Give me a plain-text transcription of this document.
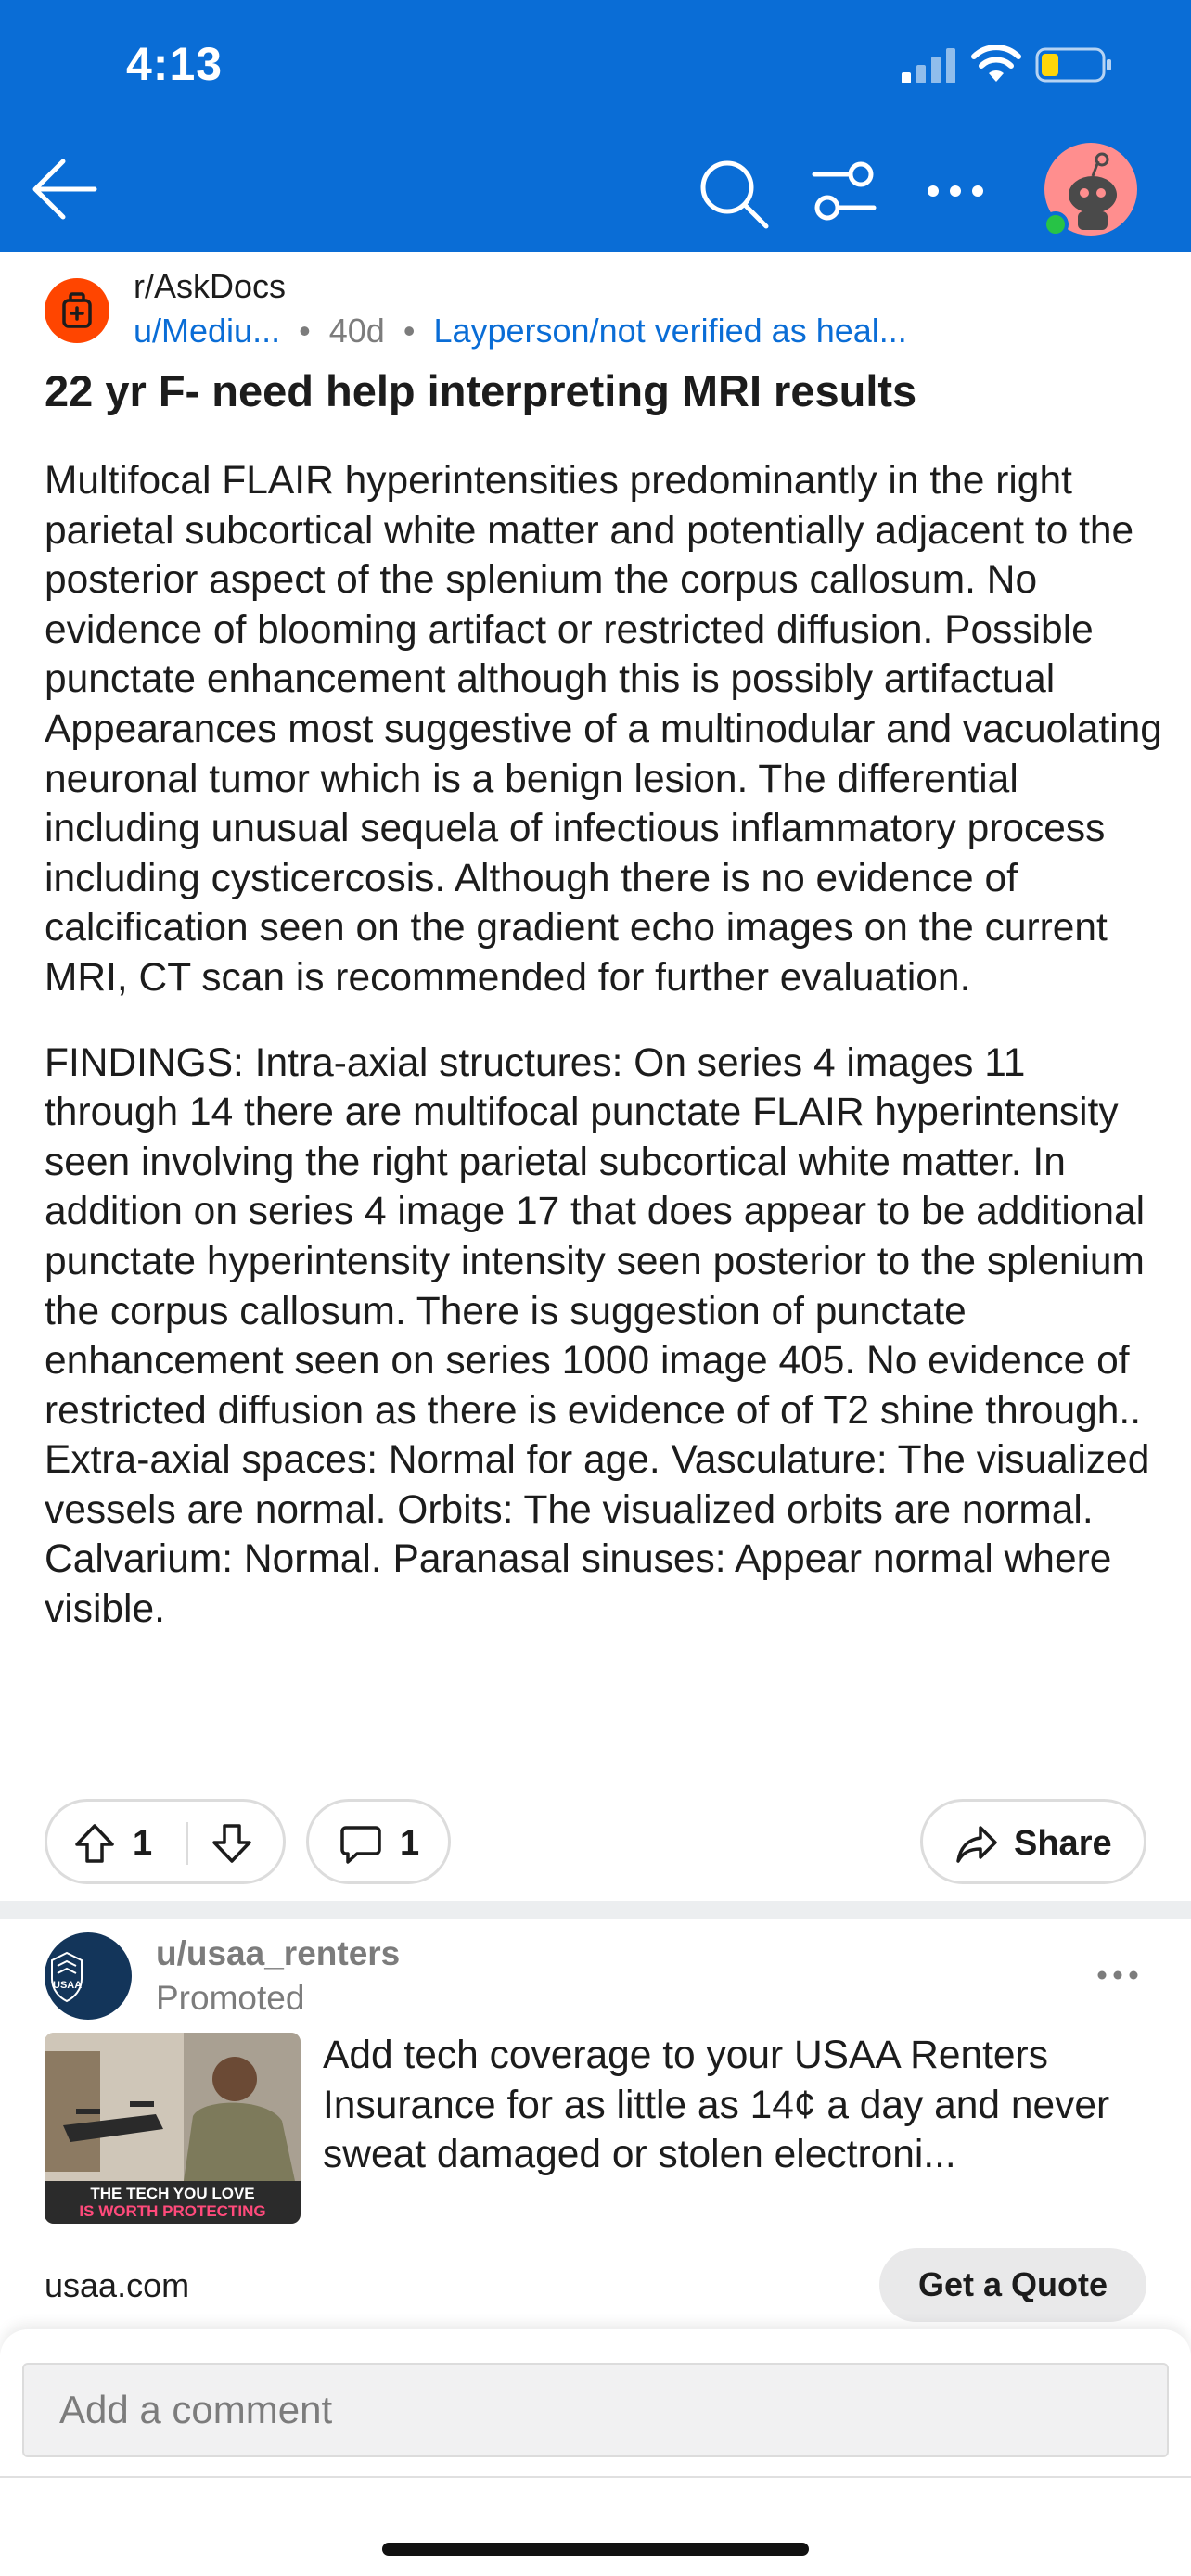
4:13
r/AskDocs
u/Mediu... • 40d • Layperson/not verified as heal...
22 yr F- need help interpreting MRI results

Multifocal FLAIR hyperintensities predominantly in the right parietal subcortical white matter and potentially adjacent to the posterior aspect of the splenium the corpus callosum. No evidence of blooming artifact or restricted diffusion. Possible punctate enhancement although this is possibly artifactual Appearances most suggestive of a multinodular and vacuolating neuronal tumor which is a benign lesion. The differential including unusual sequela of infectious inflammatory process including cysticercosis. Although there is no evidence of calcification seen on the gradient echo images on the current MRI, CT scan is recommended for further evaluation.

FINDINGS: Intra-axial structures: On series 4 images 11 through 14 there are multifocal punctate FLAIR hyperintensity seen involving the right parietal subcortical white matter. In addition on series 4 image 17 that does appear to be additional punctate hyperintensity intensity seen posterior to the splenium the corpus callosum. There is suggestion of punctate enhancement seen on series 1000 image 405. No evidence of restricted diffusion as there is evidence of of T2 shine through.. Extra-axial spaces: Normal for age. Vasculature: The visualized vessels are normal. Orbits: The visualized orbits are normal. Calvarium: Normal. Paranasal sinuses: Appear normal where visible.

1	1	Share
USAA
u/usaa_renters
Promoted
THE TECH YOU LOVE
IS WORTH PROTECTING
Add tech coverage to your USAA Renters Insurance for as little as 14¢ a day and never sweat damaged or stolen electroni...
usaa.com	Get a Quote
Add a comment
